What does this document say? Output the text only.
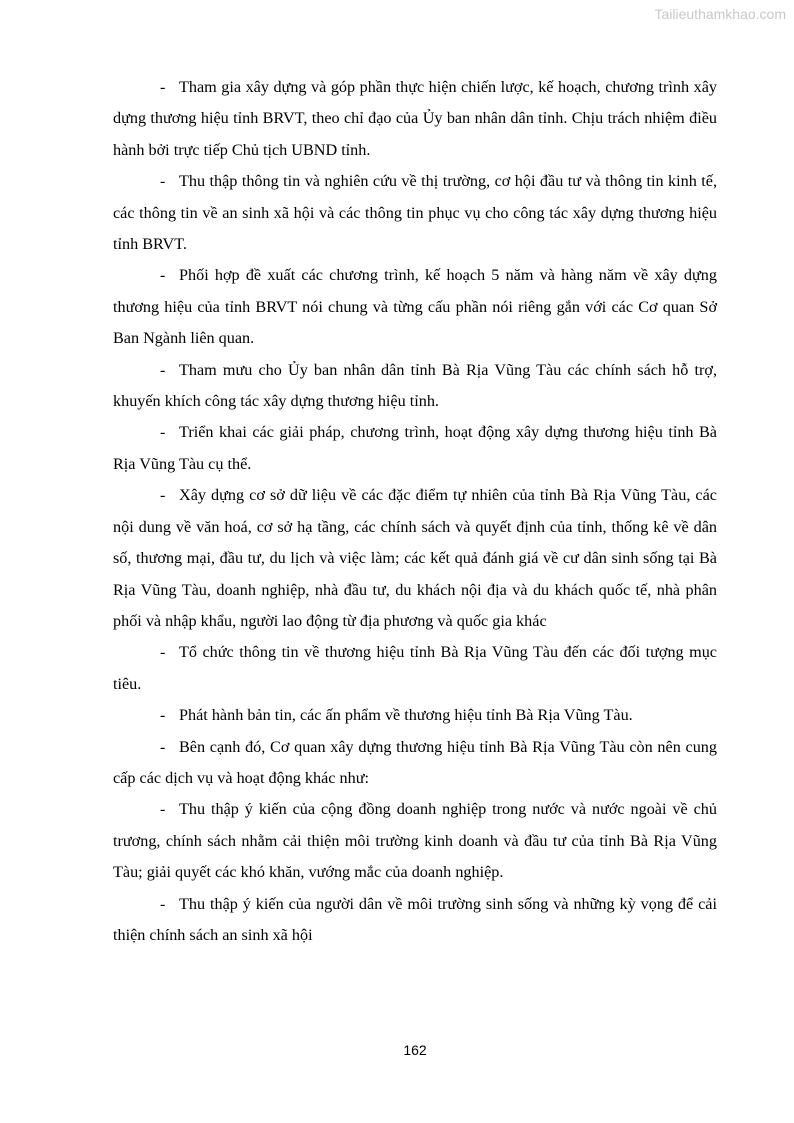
Tailieuthamkhao.com

- Tham gia xây dựng và góp phần thực hiện chiến lược, kế hoạch, chương trình xây dựng thương hiệu tỉnh BRVT, theo chỉ đạo của Ủy ban nhân dân tỉnh. Chịu trách nhiệm điều hành bởi trực tiếp Chủ tịch UBND tỉnh.

- Thu thập thông tin và nghiên cứu về thị trường, cơ hội đầu tư và thông tin kinh tế, các thông tin về an sinh xã hội và các thông tin phục vụ cho công tác xây dựng thương hiệu tỉnh BRVT.

- Phối hợp đề xuất các chương trình, kế hoạch 5 năm và hàng năm về xây dựng thương hiệu của tỉnh BRVT nói chung và từng cấu phần nói riêng gắn với các Cơ quan Sở Ban Ngành liên quan.

- Tham mưu cho Ủy ban nhân dân tỉnh Bà Rịa Vũng Tàu các chính sách hỗ trợ, khuyến khích công tác xây dựng thương hiệu tỉnh.

- Triển khai các giải pháp, chương trình, hoạt động xây dựng thương hiệu tỉnh Bà Rịa Vũng Tàu cụ thể.

- Xây dựng cơ sở dữ liệu về các đặc điểm tự nhiên của tỉnh Bà Rịa Vũng Tàu, các nội dung về văn hoá, cơ sở hạ tầng, các chính sách và quyết định của tỉnh, thống kê về dân số, thương mại, đầu tư, du lịch và việc làm; các kết quả đánh giá về cư dân sinh sống tại Bà Rịa Vũng Tàu, doanh nghiệp, nhà đầu tư, du khách nội địa và du khách quốc tế, nhà phân phối và nhập khẩu, người lao động từ địa phương và quốc gia khác

- Tổ chức thông tin về thương hiệu tỉnh Bà Rịa Vũng Tàu đến các đối tượng mục tiêu.

- Phát hành bản tin, các ấn phẩm về thương hiệu tỉnh Bà Rịa Vũng Tàu.

- Bên cạnh đó, Cơ quan xây dựng thương hiệu tỉnh Bà Rịa Vũng Tàu còn nên cung cấp các dịch vụ và hoạt động khác như:

- Thu thập ý kiến của cộng đồng doanh nghiệp trong nước và nước ngoài về chủ trương, chính sách nhằm cải thiện môi trường kinh doanh và đầu tư của tỉnh Bà Rịa Vũng Tàu; giải quyết các khó khăn, vướng mắc của doanh nghiệp.

- Thu thập ý kiến của người dân về môi trường sinh sống và những kỳ vọng để cải thiện chính sách an sinh xã hội

162
